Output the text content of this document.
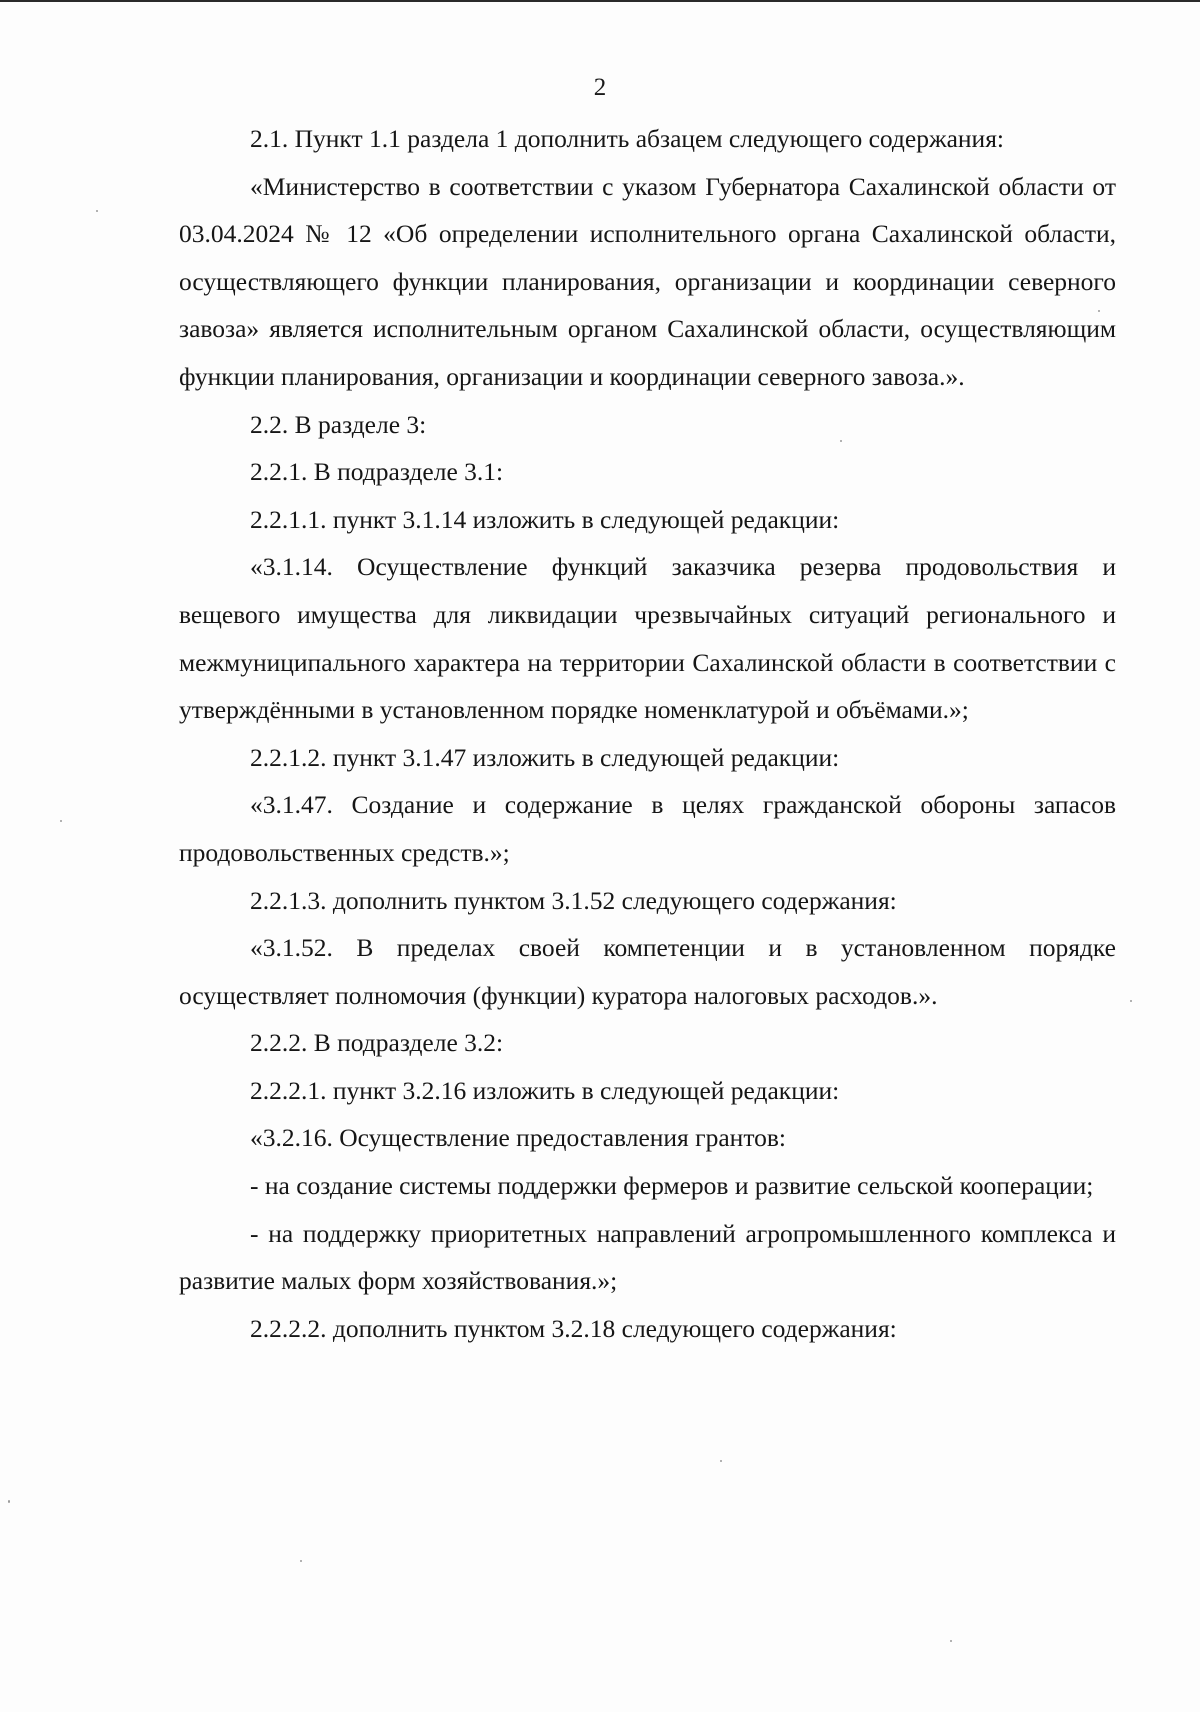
2

2.1. Пункт 1.1 раздела 1 дополнить абзацем следующего содержания:

«Министерство в соответствии с указом Губернатора Сахалинской области от 03.04.2024 № 12 «Об определении исполнительного органа Сахалинской области, осуществляющего функции планирования, организации и координации северного завоза» является исполнительным органом Сахалинской области, осуществляющим функции планирования, организации и координации северного завоза.».

2.2. В разделе 3:

2.2.1. В подразделе 3.1:

2.2.1.1. пункт 3.1.14 изложить в следующей редакции:

«3.1.14. Осуществление функций заказчика резерва продовольствия и вещевого имущества для ликвидации чрезвычайных ситуаций регионального и межмуниципального характера на территории Сахалинской области в соответствии с утверждёнными в установленном порядке номенклатурой и объёмами.»;

2.2.1.2. пункт 3.1.47 изложить в следующей редакции:

«3.1.47. Создание и содержание в целях гражданской обороны запасов продовольственных средств.»;

2.2.1.3. дополнить пунктом 3.1.52 следующего содержания:

«3.1.52. В пределах своей компетенции и в установленном порядке осуществляет полномочия (функции) куратора налоговых расходов.».

2.2.2. В подразделе 3.2:

2.2.2.1. пункт 3.2.16 изложить в следующей редакции:

«3.2.16. Осуществление предоставления грантов:

- на создание системы поддержки фермеров и развитие сельской кооперации;

- на поддержку приоритетных направлений агропромышленного комплекса и развитие малых форм хозяйствования.»;

2.2.2.2. дополнить пунктом 3.2.18 следующего содержания:
